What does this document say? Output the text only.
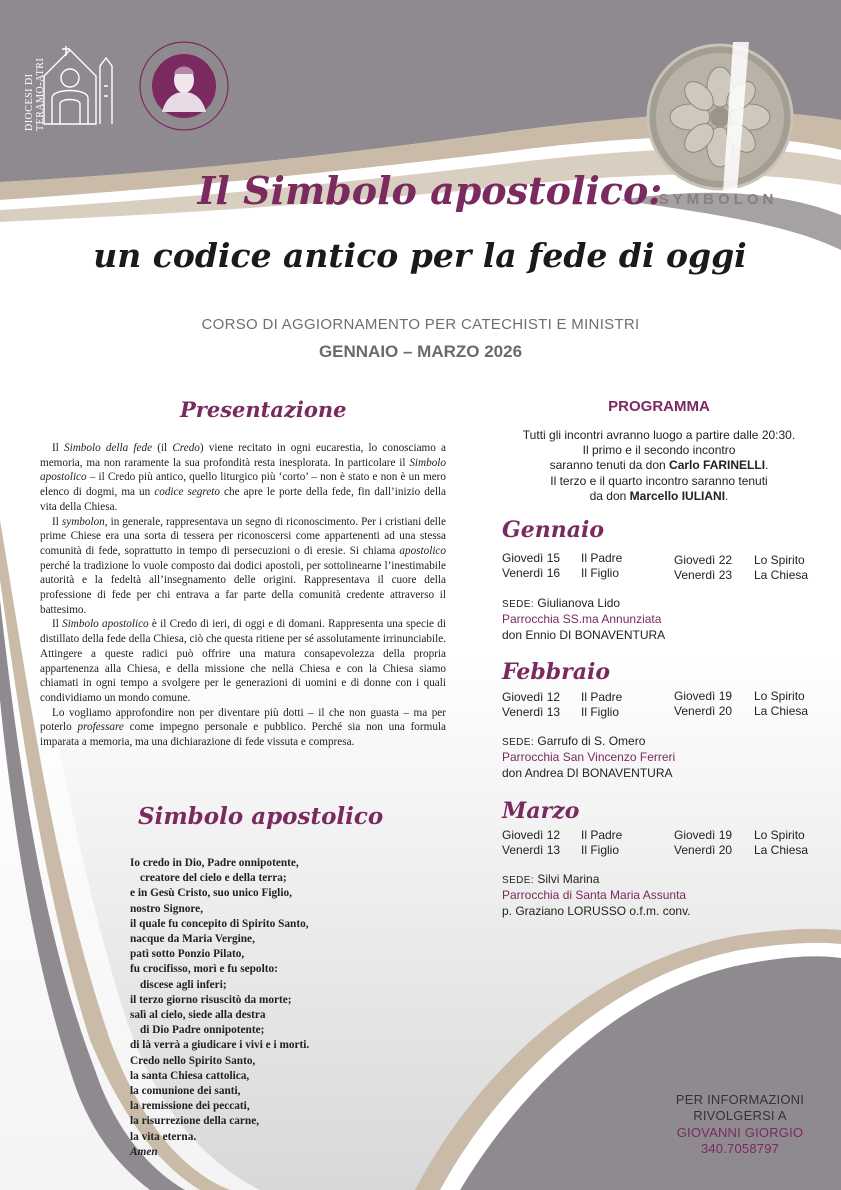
DIOCESI DI TERAMO-ATRI
SYMBOLON
Il Simbolo apostolico:
un codice antico per la fede di oggi
CORSO DI AGGIORNAMENTO PER CATECHISTI E MINISTRI
GENNAIO – MARZO 2026
Presentazione

Il Simbolo della fede (il Credo) viene recitato in ogni eucarestia, lo conosciamo a memoria, ma non raramente la sua profondità resta inesplorata. In particolare il Simbolo apostolico – il Credo più antico, quello liturgico più ‘corto’ – non è stato e non è un mero elenco di dogmi, ma un codice segreto che apre le porte della fede, fin dall’inizio della vita della Chiesa.

Il symbolon, in generale, rappresentava un segno di riconoscimento. Per i cristiani delle prime Chiese era una sorta di tessera per riconoscersi come appartenenti ad una stessa comunità di fede, soprattutto in tempo di persecuzioni o di eresie. Si chiama apostolico perché la tradizione lo vuole composto dai dodici apostoli, per sottolinearne l’inestimabile autorità e la fedeltà all’insegnamento delle origini. Rappresentava il cuore della professione di fede per chi entrava a far parte della comunità credente attraverso il battesimo.

Il Simbolo apostolico è il Credo di ieri, di oggi e di domani. Rappresenta una specie di distillato della fede della Chiesa, ciò che questa ritiene per sé assolutamente irrinunciabile. Attingere a queste radici può offrire una matura consapevolezza della propria appartenenza alla Chiesa, e della missione che nella Chiesa e con la Chiesa siamo chiamati in ogni tempo a svolgere per le generazioni di uomini e di donne con i quali condividiamo un mondo comune.

Lo vogliamo approfondire non per diventare più dotti – il che non guasta – ma per poterlo professare come impegno personale e pubblico. Perché sia non una formula imparata a memoria, ma una dichiarazione di fede vissuta e compresa.

PROGRAMMA
Tutti gli incontri avranno luogo a partire dalle 20:30.
Il primo e il secondo incontro
saranno tenuti da don Carlo FARINELLI.
Il terzo e il quarto incontro saranno tenuti
da don Marcello IULIANI.
Gennaio
Giovedì 15 Il Padre
Venerdì 16 Il Figlio
Giovedì 22 Lo Spirito
Venerdì 23 La Chiesa
SEDE: Giulianova Lido
Parrocchia SS.ma Annunziata
don Ennio DI BONAVENTURA
Febbraio
Giovedì 12 Il Padre
Venerdì 13 Il Figlio
Giovedì 19 Lo Spirito
Venerdì 20 La Chiesa
SEDE: Garrufo di S. Omero
Parrocchia San Vincenzo Ferreri
don Andrea DI BONAVENTURA
Marzo
Giovedì 12 Il Padre
Venerdì 13 Il Figlio
Giovedì 19 Lo Spirito
Venerdì 20 La Chiesa
SEDE: Silvi Marina
Parrocchia di Santa Maria Assunta
p. Graziano LORUSSO o.f.m. conv.
Simbolo apostolico
Io credo in Dio, Padre onnipotente,
creatore del cielo e della terra;
e in Gesù Cristo, suo unico Figlio,
nostro Signore,
il quale fu concepito di Spirito Santo,
nacque da Maria Vergine,
patì sotto Ponzio Pilato,
fu crocifisso, morì e fu sepolto:
discese agli inferi;
il terzo giorno risuscitò da morte;
salì al cielo, siede alla destra
di Dio Padre onnipotente;
di là verrà a giudicare i vivi e i morti.
Credo nello Spirito Santo,
la santa Chiesa cattolica,
la comunione dei santi,
la remissione dei peccati,
la risurrezione della carne,
la vita eterna.
Amen
PER INFORMAZIONI
RIVOLGERSI A
GIOVANNI GIORGIO
340.7058797
